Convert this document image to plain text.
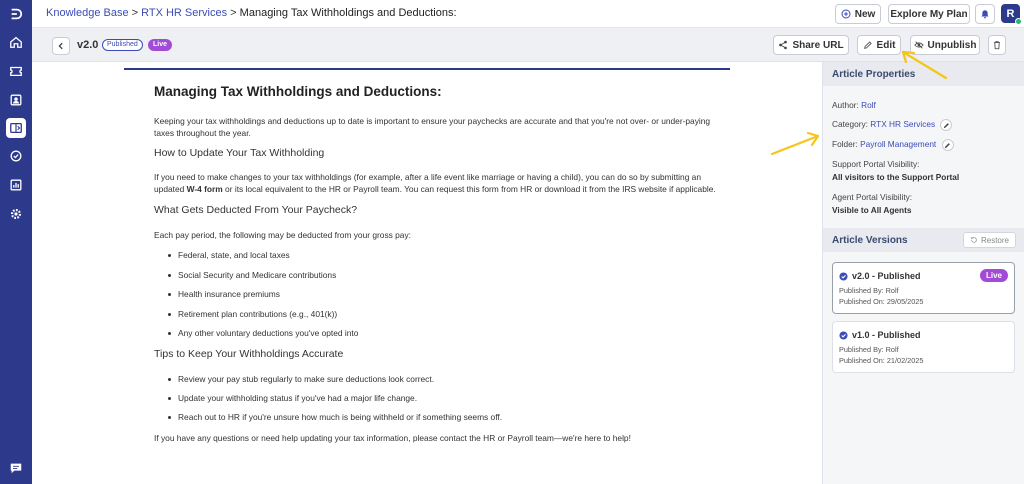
Knowledge Base > RTX HR Services > Managing Tax Withholdings and Deductions:	New Explore My Plan	R
v2.0	Published	Live	Share URL	Edit	Unpublish
Managing Tax Withholdings and Deductions:

Keeping your tax withholdings and deductions up to date is important to ensure your paychecks are accurate and that you're not over- or under-paying taxes throughout the year.

How to Update Your Tax Withholding

If you need to make changes to your tax withholdings (for example, after a life event like marriage or having a child), you can do so by submitting an updated W-4 form or its local equivalent to the HR or Payroll team. You can request this form from HR or download it from the IRS website if applicable.

What Gets Deducted From Your Paycheck?

Each pay period, the following may be deducted from your gross pay:

Federal, state, and local taxes
Social Security and Medicare contributions
Health insurance premiums
Retirement plan contributions (e.g., 401(k))
Any other voluntary deductions you've opted into
Tips to Keep Your Withholdings Accurate
Review your pay stub regularly to make sure deductions look correct.
Update your withholding status if you've had a major life change.
Reach out to HR if you're unsure how much is being withheld or if something seems off.

If you have any questions or need help updating your tax information, please contact the HR or Payroll team—we're here to help!

Article Properties
Author: Rolf
Category: RTX HR Services
Folder: Payroll Management
Support Portal Visibility:
All visitors to the Support Portal
Agent Portal Visibility:
Visible to All Agents
Article Versions	Restore
v2.0 - Published	Live
Published By: Rolf
Published On: 29/05/2025
v1.0 - Published
Published By: Rolf
Published On: 21/02/2025
